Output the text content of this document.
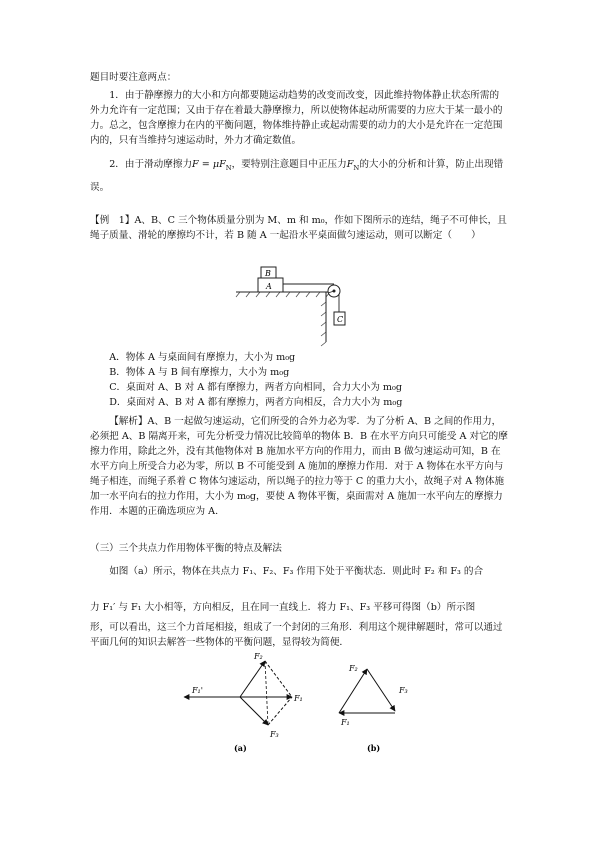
题目时要注意两点：

1．由于静摩擦力的大小和方向都要随运动趋势的改变而改变，因此维持物体静止状态所需的外力允许有一定范围；又由于存在着最大静摩擦力，所以使物体起动所需要的力应大于某一最小的力。总之，包含摩擦力在内的平衡问题，物体维持静止或起动需要的动力的大小是允许在一定范围内的，只有当维持匀速运动时，外力才确定数值。

2．由于滑动摩擦力$F = \mu F_N$，要特别注意题目中正压力$F_N$的大小的分析和计算，防止出现错误。

【例　1】A、B、C 三个物体质量分别为 M、m 和 m₀，作如下图所示的连结，绳子不可伸长，且绳子质量、滑轮的摩擦均不计，若 B 随 A 一起沿水平桌面做匀速运动，则可以断定（　　）

A
B
C
A．物体 A 与桌面间有摩擦力，大小为 m₀g
B．物体 A 与 B 间有摩擦力，大小为 m₀g
C．桌面对 A、B 对 A 都有摩擦力，两者方向相同，合力大小为 m₀g
D．桌面对 A、B 对 A 都有摩擦力，两者方向相反，合力大小为 m₀g

【解析】A、B 一起做匀速运动，它们所受的合外力必为零．为了分析 A、B 之间的作用力，必须把 A、B 隔离开来，可先分析受力情况比较简单的物体 B．B 在水平方向只可能受 A 对它的摩擦力作用，除此之外，没有其他物体对 B 施加水平方向的作用力，而由 B 做匀速运动可知，B 在水平方向上所受合力必为零，所以 B 不可能受到 A 施加的摩擦力作用．对于 A 物体在水平方向与绳子相连，而绳子系着 C 物体匀速运动，所以绳子的拉力等于 C 的重力大小，故绳子对 A 物体施加一水平向右的拉力作用，大小为 m₀g，要使 A 物体平衡，桌面需对 A 施加一水平向左的摩擦力作用．本题的正确选项应为 A.

（三）三个共点力作用物体平衡的特点及解法

如图（a）所示，物体在共点力 F₁、F₂、F₃ 作用下处于平衡状态．则此时 F₂ 和 F₃ 的合

力 F₁′ 与 F₁ 大小相等，方向相反，且在同一直线上．将力 F₁、F₃ 平移可得图（b）所示图

形，可以看出，这三个力首尾相接，组成了一个封闭的三角形．利用这个规律解题时，常可以通过平面几何的知识去解答一些物体的平衡问题，显得较为简便．

F₁'
F₂
F₁
F₃
(a)
F₂
F₃
F₁
(b)
